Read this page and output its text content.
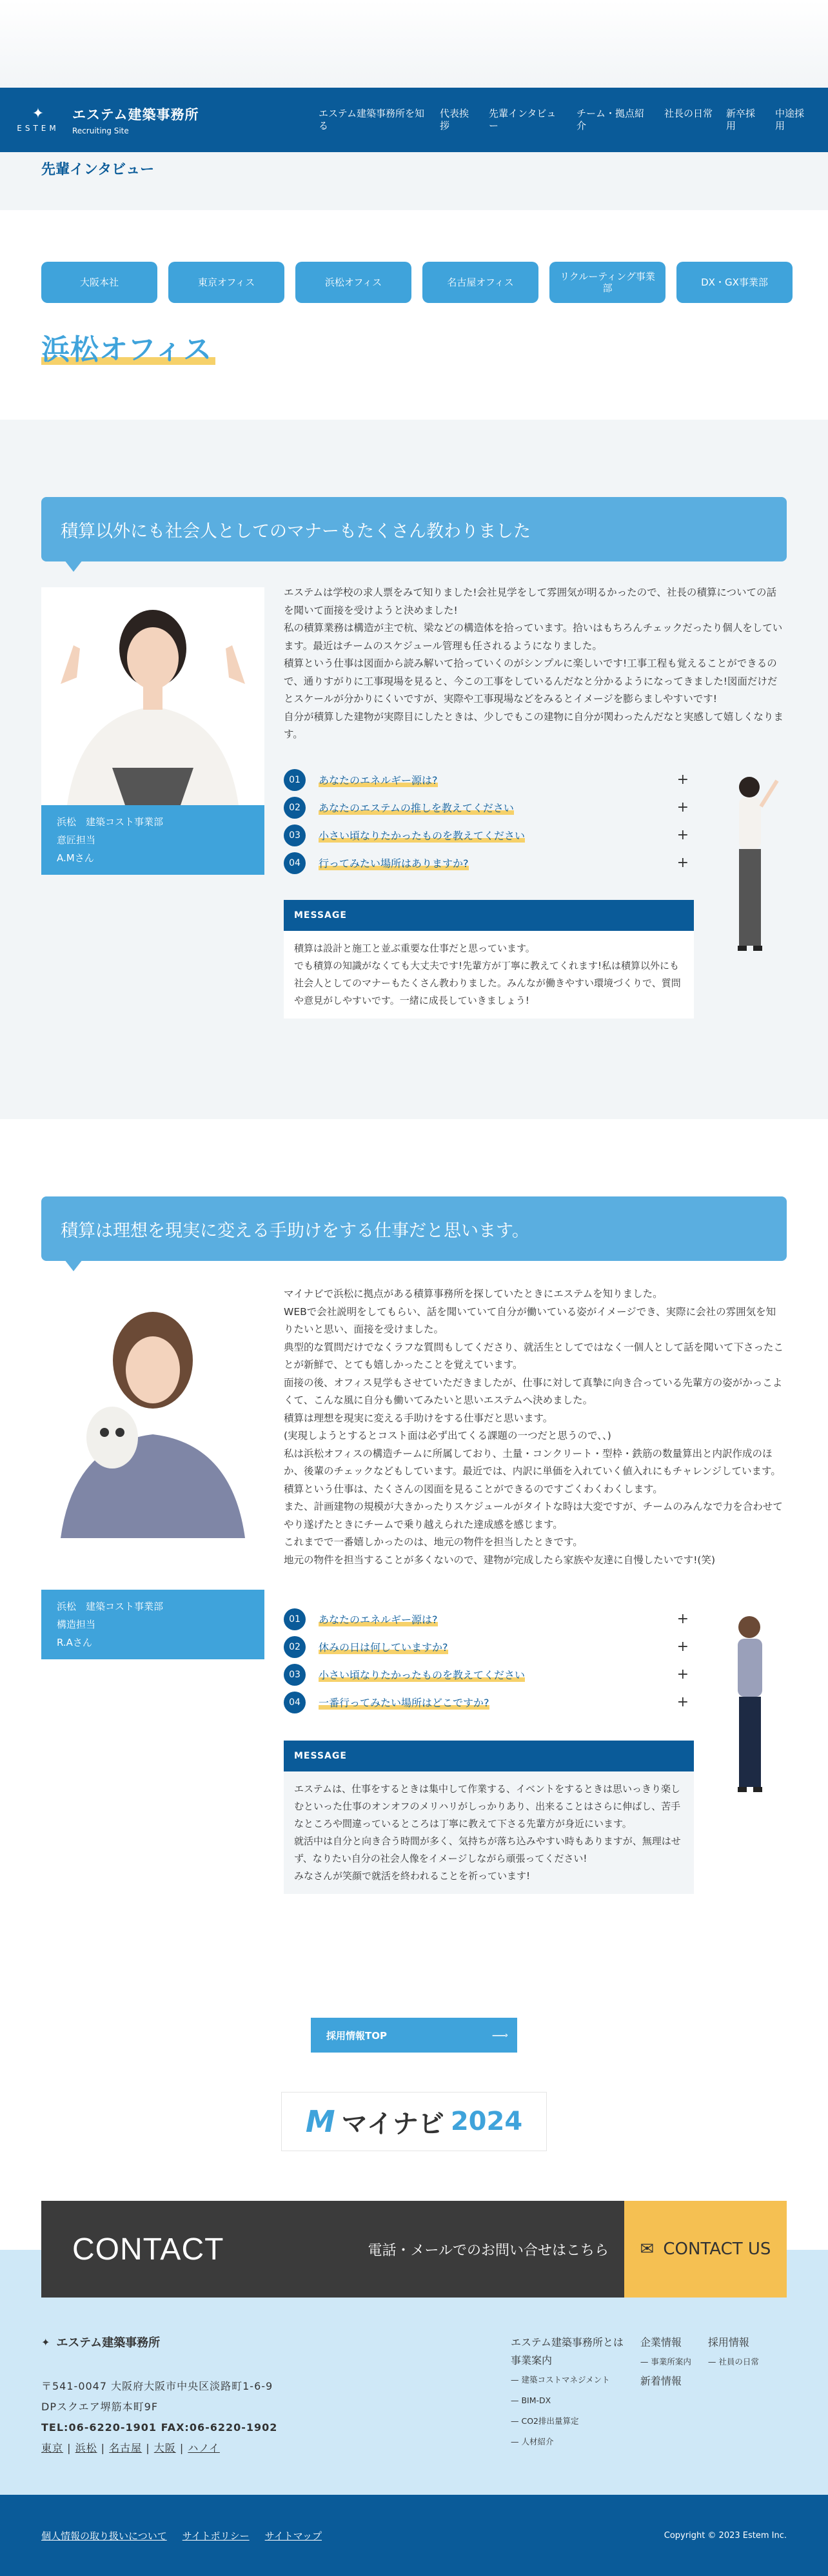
✦
ESTEM
エステム建築事務所
Recruiting Site
エステム建築事務所を知る
代表挨拶
先輩インタビュー
チーム・拠点紹介
社長の日常 新卒採用
中途採用
先輩インタビュー
大阪本社	東京オフィス	浜松オフィス	名古屋オフィス	リクルーティング事業部	DX・GX事業部
浜松オフィス
積算以外にも社会人としてのマナーもたくさん教わりました
浜松　建築コスト事業部
意匠担当
A.Mさん
エステムは学校の求人票をみて知りました!会社見学をして雰囲気が明るかったので、社長の積算についての話を聞いて面接を受けようと決めました!
私の積算業務は構造が主で杭、梁などの構造体を拾っています。拾いはもちろんチェックだったり個人をしています。最近はチームのスケジュール管理も任されるようになりました。
積算という仕事は図面から読み解いて拾っていくのがシンプルに楽しいです!工事工程も覚えることができるので、通りすがりに工事現場を見ると、今この工事をしているんだなと分かるようになってきました!図面だけだとスケールが分かりにくいですが、実際や工事現場などをみるとイメージを膨らましやすいです!
自分が積算した建物が実際目にしたときは、少しでもこの建物に自分が関わったんだなと実感して嬉しくなります。
01	あなたのエネルギー源は?	+
02	あなたのエステムの推しを教えてください	+
03	小さい頃なりたかったものを教えてください	+
04	行ってみたい場所はありますか?	+
MESSAGE
積算は設計と施工と並ぶ重要な仕事だと思っています。
でも積算の知識がなくても大丈夫です!先輩方が丁寧に教えてくれます!私は積算以外にも社会人としてのマナーもたくさん教わりました。みんなが働きやすい環境づくりで、質問や意見がしやすいです。一緒に成長していきましょう!
積算は理想を現実に変える手助けをする仕事だと思います。
浜松　建築コスト事業部
構造担当
R.Aさん
マイナビで浜松に拠点がある積算事務所を探していたときにエステムを知りました。
WEBで会社説明をしてもらい、話を聞いていて自分が働いている姿がイメージでき、実際に会社の雰囲気を知りたいと思い、面接を受けました。
典型的な質問だけでなくラフな質問もしてくださり、就活生としてではなく一個人として話を聞いて下さったことが新鮮で、とても嬉しかったことを覚えています。
面接の後、オフィス見学もさせていただきましたが、仕事に対して真摯に向き合っている先輩方の姿がかっこよくて、こんな風に自分も働いてみたいと思いエステムへ決めました。
積算は理想を現実に変える手助けをする仕事だと思います。
(実現しようとするとコスト面は必ず出てくる課題の一つだと思うので、、)
私は浜松オフィスの構造チームに所属しており、土量・コンクリート・型枠・鉄筋の数量算出と内訳作成のほか、後輩のチェックなどもしています。最近では、内訳に単価を入れていく値入れにもチャレンジしています。
積算という仕事は、たくさんの図面を見ることができるのですごくわくわくします。
また、計画建物の規模が大きかったりスケジュールがタイトな時は大変ですが、チームのみんなで力を合わせてやり遂げたときにチームで乗り越えられた達成感を感じます。
これまでで一番嬉しかったのは、地元の物件を担当したときです。
地元の物件を担当することが多くないので、建物が完成したら家族や友達に自慢したいです!(笑)
01	あなたのエネルギー源は?	+
02	休みの日は何していますか?	+
03	小さい頃なりたかったものを教えてください	+
04	一番行ってみたい場所はどこですか?	+
MESSAGE
エステムは、仕事をするときは集中して作業する、イベントをするときは思いっきり楽しむといった仕事のオンオフのメリハリがしっかりあり、出来ることはさらに伸ばし、苦手なところや間違っているところは丁寧に教えて下さる先輩方が身近にいます。
就活中は自分と向き合う時間が多く、気持ちが落ち込みやすい時もありますが、無理はせず、なりたい自分の社会人像をイメージしながら頑張ってください!
みなさんが笑顔で就活を終われることを祈っています!
採用情報TOP	——›
M マイナビ 2024
CONTACT	電話・メールでのお問い合せはこちら ✉ CONTACT US
✦ エステム建築事務所
〒541-0047 大阪府大阪市中央区淡路町1-6-9
DPスクエア堺筋本町9F
TEL:06-6220-1901 FAX:06-6220-1902
東京 | 浜松 | 名古屋 | 大阪 | ハノイ
エステム建築事務所とは
事業案内
— 建築コストマネジメント
— BIM-DX
— CO2排出量算定
— 人材紹介
企業情報
— 事業所案内
新着情報
採用情報
— 社員の日常
個人情報の取り扱いについて サイトポリシー サイトマップ	Copyright © 2023 Estem Inc.
